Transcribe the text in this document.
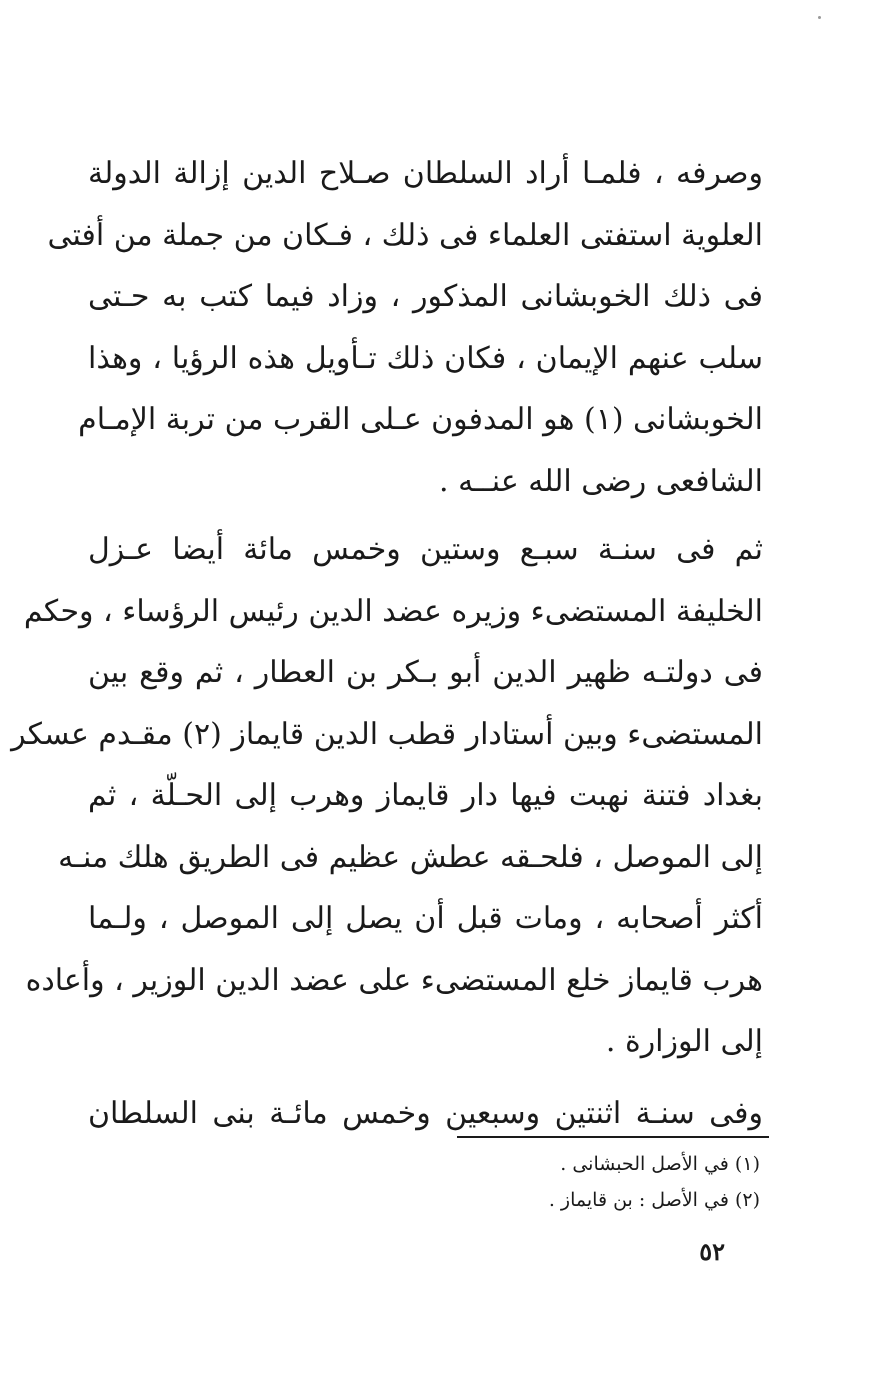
وصرفه ، فلمـا أراد السلطان صـلاح الدين إزالة الدولة
العلوية استفتى العلماء فى ذلك ، فـكان من جملة من أفتى
فى ذلك الخوبشانى المذكور ، وزاد فيما كتب به حـتى
سلب عنهم الإيمان ، فكان ذلك تـأويل هذه الرؤيا ، وهذا
الخوبشانى (١) هو المدفون عـلى القرب من تربة الإمـام
الشافعى رضى الله عنــه .
ثم فى سنـة سبـع وستين وخمس مائة أيضا عـزل
الخليفة المستضىء وزيره عضد الدين رئيس الرؤساء ، وحكم
فى دولتـه ظهير الدين أبو بـكر بن العطار ، ثم وقع بين
المستضىء وبين أستادار قطب الدين قايماز (٢) مقـدم عسكر
بغداد فتنة نهبت فيها دار قايماز وهرب إلى الحـلّة ، ثم
إلى الموصل ، فلحـقه عطش عظيم فى الطريق هلك منـه
أكثر أصحابه ، ومات قبل أن يصل إلى الموصل ، ولـما
هرب قايماز خلع المستضىء على عضد الدين الوزير ، وأعاده
إلى الوزارة .
وفى سنـة اثنتين وسبعين وخمس مائـة بنى السلطان
(١) في الأصل الحبشانى .
(٢) في الأصل : بن قايماز .
٥٢
